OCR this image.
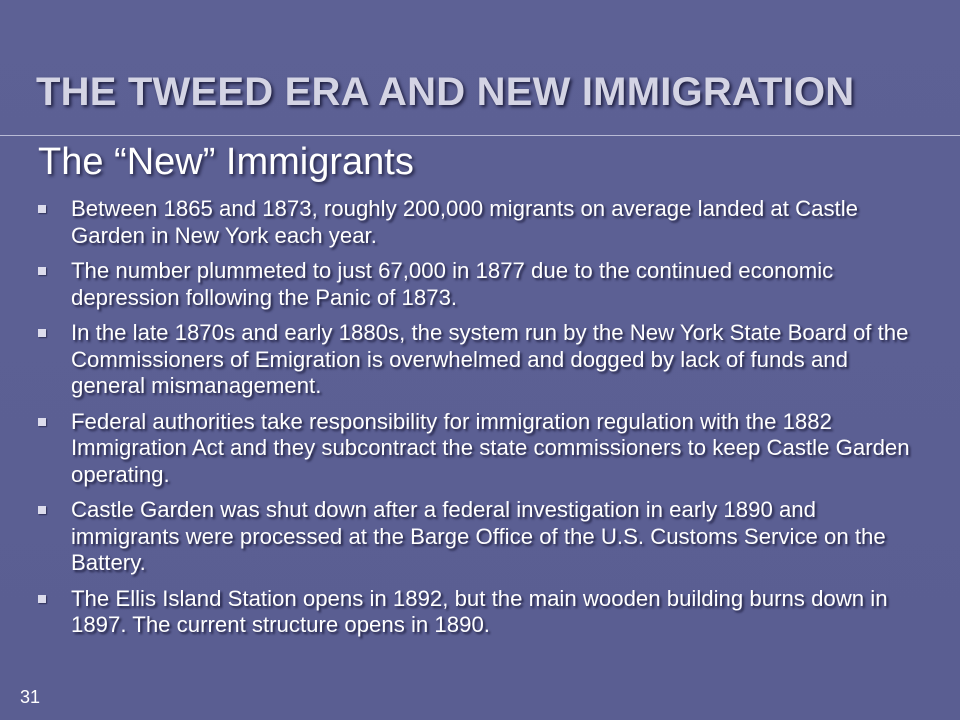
THE TWEED ERA AND NEW IMMIGRATION
The “New” Immigrants
Between 1865 and 1873, roughly 200,000 migrants on average landed at Castle Garden in New York each year.
The number plummeted to just 67,000 in 1877 due to the continued economic depression following the Panic of 1873.
In the late 1870s and early 1880s, the system run by the New York State Board of the Commissioners of Emigration is overwhelmed and dogged by lack of funds and general mismanagement.
Federal authorities take responsibility for immigration regulation with the 1882 Immigration Act and they subcontract the state commissioners to keep Castle Garden operating.
Castle Garden was shut down after a federal investigation in early 1890 and immigrants were processed at the Barge Office of the U.S. Customs Service on the Battery.
The Ellis Island Station opens in 1892, but the main wooden building burns down in 1897. The current structure opens in 1890.
31
